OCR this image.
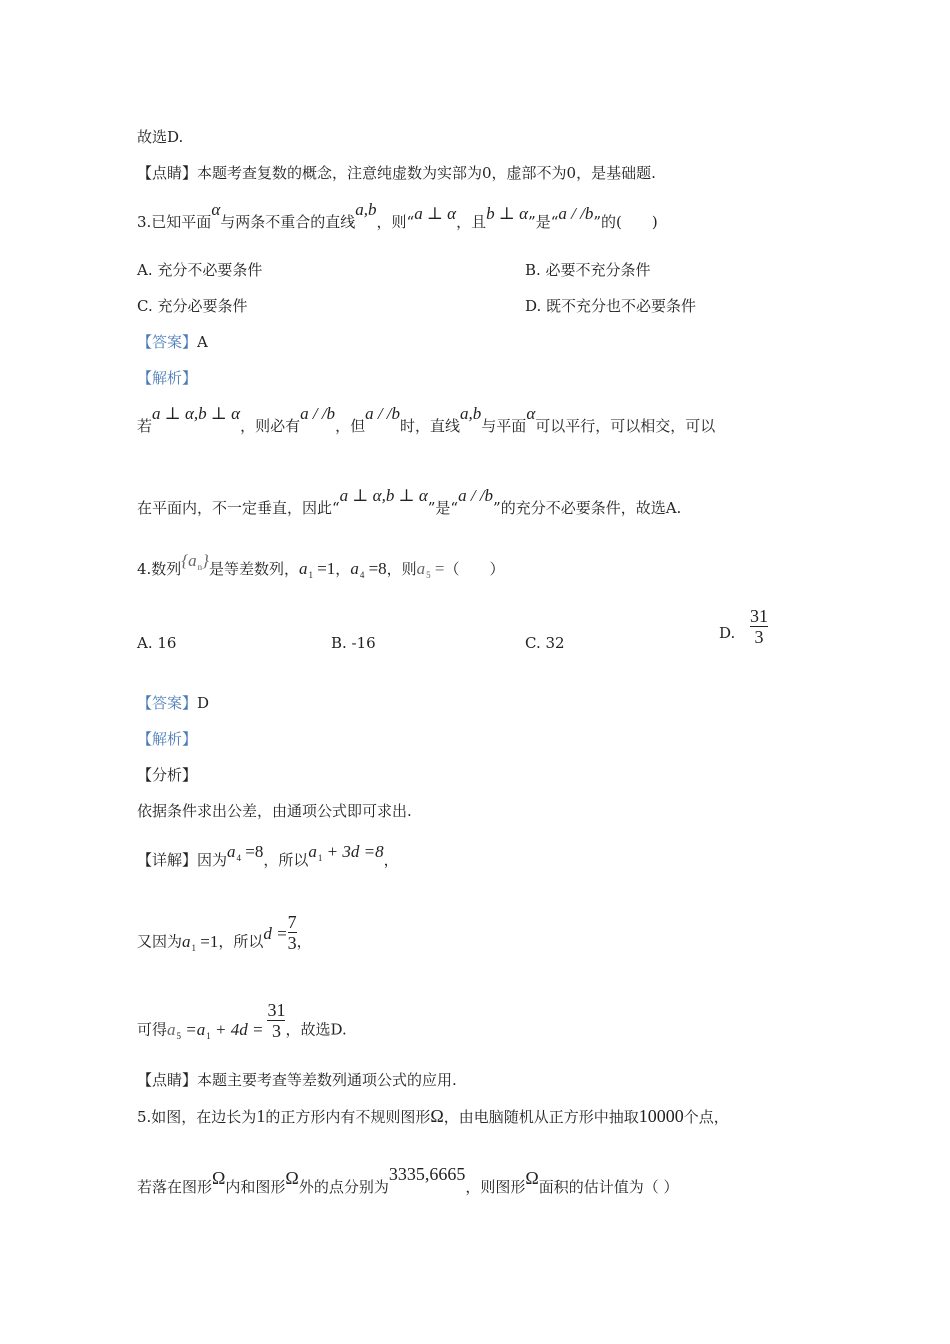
故选D.
【点睛】本题考查复数的概念，注意纯虚数为实部为0，虚部不为0，是基础题.
3.已知平面α与两条不重合的直线a,b，则“a ⊥ α，且b ⊥ α”是“a / /b”的(　　)
A. 充分不必要条件	B. 必要不充分条件
C. 充分必要条件	D. 既不充分也不必要条件
【答案】A
【解析】
若a ⊥ α,b ⊥ α，则必有a / /b，但a / /b时，直线a,b与平面α可以平行，可以相交，可以
在平面内，不一定垂直，因此“a ⊥ α,b ⊥ α”是“a / /b”的充分不必要条件，故选A.
4.数列$\{a_n\}$是等差数列，$a_1 =1$，$a_4 =8$，则$a_5$ =（　　）
A. 16	B. -16	C. 32
D. $\frac{31}{3}$
【答案】D
【解析】
【分析】
依据条件求出公差，由通项公式即可求出.
【详解】因为$a_4 =8$，所以$a_1 + 3d =8$，
又因为$a_1 =1$，所以$d = \frac{7}{3}$ ，
可得$a_5 =a_1 + 4d = \frac{31}{3}$ ，故选D.
【点睛】本题主要考查等差数列通项公式的应用.
5.如图，在边长为1的正方形内有不规则图形Ω，由电脑随机从正方形中抽取10000个点，
若落在图形Ω内和图形Ω外的点分别为3335,6665，则图形Ω面积的估计值为（ ）
